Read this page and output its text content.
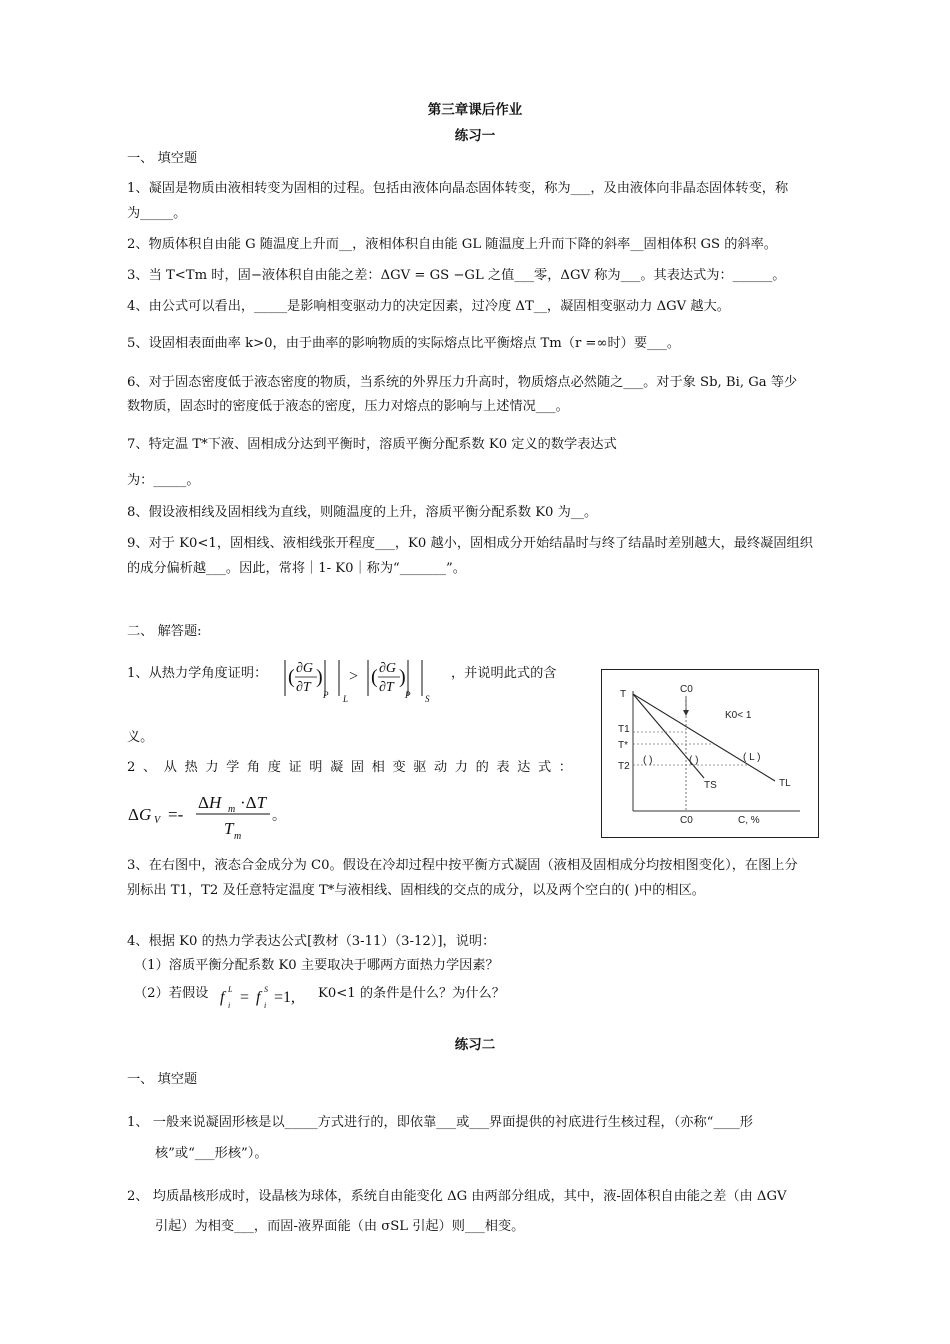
第三章课后作业
练习一
一、 填空题
1、凝固是物质由液相转变为固相的过程。包括由液体向晶态固体转变，称为___，及由液体向非晶态固体转变，称
为_____。
2、物质体积自由能 G 随温度上升而__，液相体积自由能 GL 随温度上升而下降的斜率__固相体积 GS 的斜率。
3、当 T<Tm 时，固−液体积自由能之差：ΔGV = GS −GL 之值___零，ΔGV 称为___。其表达式为：______。
4、由公式可以看出，_____是影响相变驱动力的决定因素，过冷度 ΔT__，凝固相变驱动力 ΔGV 越大。
5、设固相表面曲率 k>0，由于曲率的影响物质的实际熔点比平衡熔点 Tm（r =∞时）要___。
6、对于固态密度低于液态密度的物质，当系统的外界压力升高时，物质熔点必然随之___。对于象 Sb, Bi, Ga 等少
数物质，固态时的密度低于液态的密度，压力对熔点的影响与上述情况___。
7、特定温 T*下液、固相成分达到平衡时，溶质平衡分配系数 K0 定义的数学表达式
为：_____。
8、假设液相线及固相线为直线，则随温度的上升，溶质平衡分配系数 K0 为__。
9、对于 K0<1，固相线、液相线张开程度___，K0 越小，固相成分开始结晶时与终了结晶时差别越大，最终凝固组织
的成分偏析越___。因此，常将｜1- K0｜称为“_______”。
二、 解答题:
1、从热力学角度证明： ( ∂G
∂T )
P L
> ( ∂G
∂T )
P S
，并说明此式的含
义。
2、从热力学角度证明凝固相变驱动力的表达式：
ΔG V =-
ΔH m ·ΔT
T m
。
3、在右图中，液态合金成分为 C0。假设在冷却过程中按平衡方式凝固（液相及固相成分均按相图变化），在图上分
别标出 T1，T2 及任意特定温度 T*与液相线、固相线的交点的成分，以及两个空白的( )中的相区。
4、根据 K0 的热力学表达公式[教材（3-11）（3-12）]，说明：
（1）溶质平衡分配系数 K0 主要取决于哪两方面热力学因素？
（2）若假设 f L
i = f S
i =1, K0<1 的条件是什么？为什么？
T
T1
T*
T2
C0
K0< 1
( L )
( )	( )
TS	TL
C0	C, %
练习二
一、 填空题
1、 一般来说凝固形核是以_____方式进行的，即依靠___或___界面提供的衬底进行生核过程，（亦称“____形
核”或“___形核”）。
2、 均质晶核形成时，设晶核为球体，系统自由能变化 ΔG 由两部分组成，其中，液-固体积自由能之差（由 ΔGV
引起）为相变___，而固-液界面能（由 σSL 引起）则___相变。
